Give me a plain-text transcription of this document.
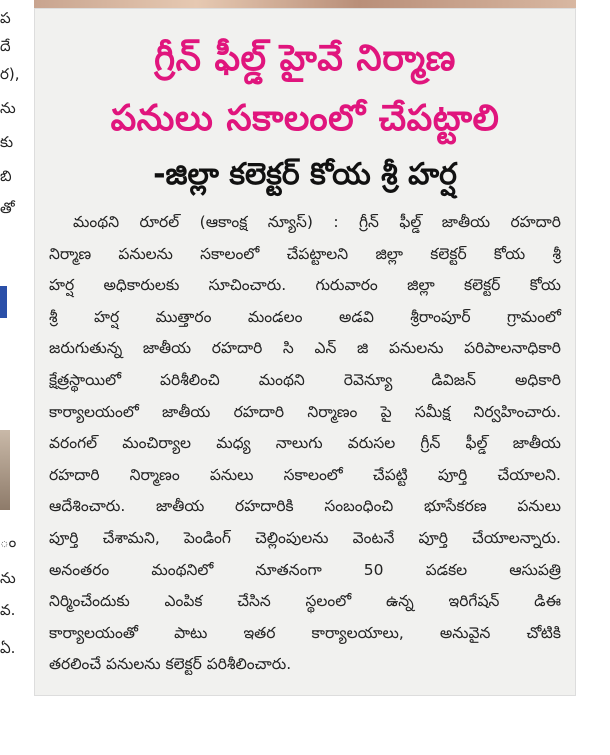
ప
దే
ర),
ను
కు
బి
తో
ం
ను
వ.
ఏ.
గ్రీన్ ఫీల్డ్ హైవే నిర్మాణ
పనులు సకాలంలో చేపట్టాలి
-జిల్లా కలెక్టర్ కోయ శ్రీ హర్ష
మంథని రూరల్ (ఆకాంక్ష న్యూస్) : గ్రీన్ ఫీల్డ్ జాతీయ రహదారి
నిర్మాణ పనులను సకాలంలో చేపట్టాలని జిల్లా కలెక్టర్ కోయ శ్రీ
హర్ష అధికారులకు సూచించారు. గురువారం జిల్లా కలెక్టర్ కోయ
శ్రీ హర్ష ముత్తారం మండలం అడవి శ్రీరాంపూర్ గ్రామంలో
జరుగుతున్న జాతీయ రహదారి సి ఎన్ జి పనులను పరిపాలనాధికారి
క్షేత్రస్థాయిలో పరిశీలించి మంథని రెవెన్యూ డివిజన్ అధికారి
కార్యాలయంలో జాతీయ రహదారి నిర్మాణం పై సమీక్ష నిర్వహించారు.
వరంగల్ మంచిర్యాల మధ్య నాలుగు వరుసల గ్రీన్ ఫీల్డ్ జాతీయ
రహదారి నిర్మాణం పనులు సకాలంలో చేపట్టి పూర్తి చేయాలని.
ఆదేశించారు. జాతీయ రహదారికి సంబంధించి భూసేకరణ పనులు
పూర్తి చేశామని, పెండింగ్ చెల్లింపులను వెంటనే పూర్తి చేయాలన్నారు.
అనంతరం మంథనిలో నూతనంగా 50 పడకల ఆసుపత్రి
నిర్మించేందుకు ఎంపిక చేసిన స్థలంలో ఉన్న ఇరిగేషన్ డిఈ
కార్యాలయంతో పాటు ఇతర కార్యాలయాలు, అనువైన చోటికి
తరలించే పనులను కలెక్టర్ పరిశీలించారు.
